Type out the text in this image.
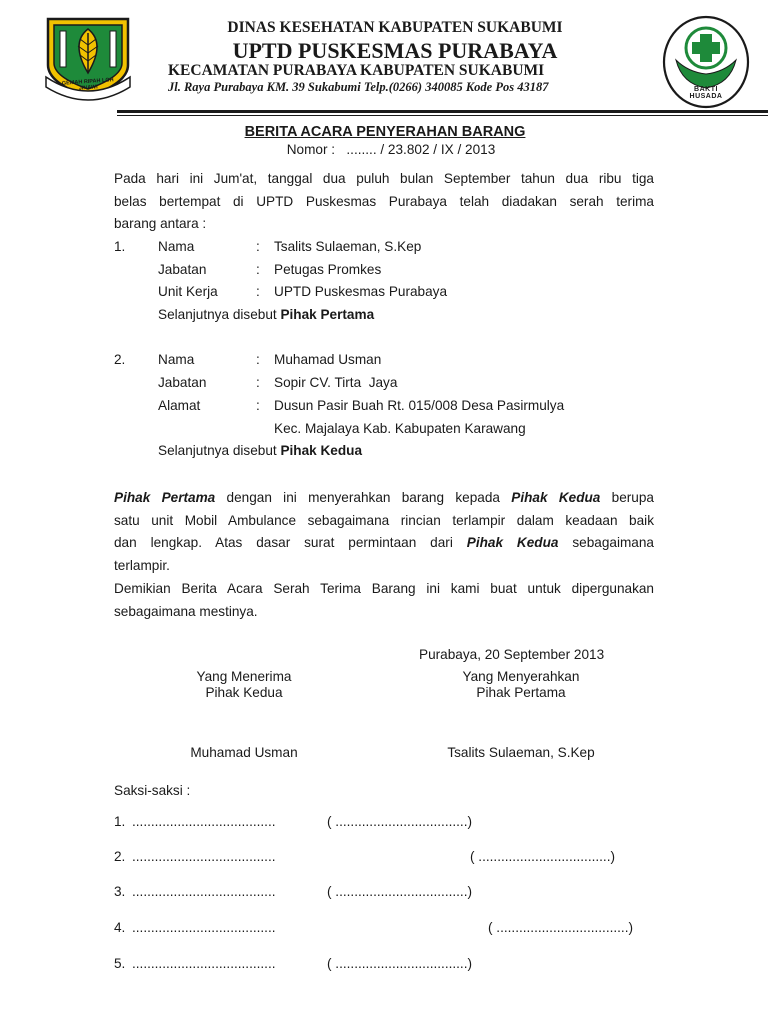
GEMAH RIPAH LOH JINAWI	BAKTI HUSADA
DINAS KESEHATAN KABUPATEN SUKABUMI
UPTD PUSKESMAS PURABAYA
KECAMATAN PURABAYA KABUPATEN SUKABUMI
Jl. Raya Purabaya KM. 39 Sukabumi Telp.(0266) 340085 Kode Pos 43187
BERITA ACARA PENYERAHAN BARANG
Nomor :   ........ / 23.802 / IX / 2013
Pada hari ini Jum'at, tanggal dua puluh bulan September tahun dua ribu tiga
belas bertempat di UPTD Puskesmas Purabaya telah diadakan serah terima
barang antara :
1. Nama	: Tsalits Sulaeman, S.Kep
Jabatan	: Petugas Promkes
Unit Kerja	: UPTD Puskesmas Purabaya
Selanjutnya disebut Pihak Pertama
2. Nama	: Muhamad Usman
Jabatan	: Sopir CV. Tirta  Jaya
Alamat	: Dusun Pasir Buah Rt. 015/008 Desa Pasirmulya
Kec. Majalaya Kab. Kabupaten Karawang
Selanjutnya disebut Pihak Kedua
Pihak Pertama dengan ini menyerahkan barang kepada Pihak Kedua berupa
satu unit Mobil Ambulance sebagaimana rincian terlampir dalam keadaan baik
dan lengkap. Atas dasar surat permintaan dari Pihak Kedua sebagaimana
terlampir.
Demikian Berita Acara Serah Terima Barang ini kami buat untuk dipergunakan
sebagaimana mestinya.
Purabaya, 20 September 2013
Yang Menerima
Pihak Kedua
Muhamad Usman
Yang Menyerahkan
Pihak Pertama
Tsalits Sulaeman, S.Kep
Saksi-saksi :
1. ......................................	( ...................................)
2. ......................................	( ...................................)
3. ......................................	( ...................................)
4. ......................................	( ...................................)
5. ......................................	( ...................................)
